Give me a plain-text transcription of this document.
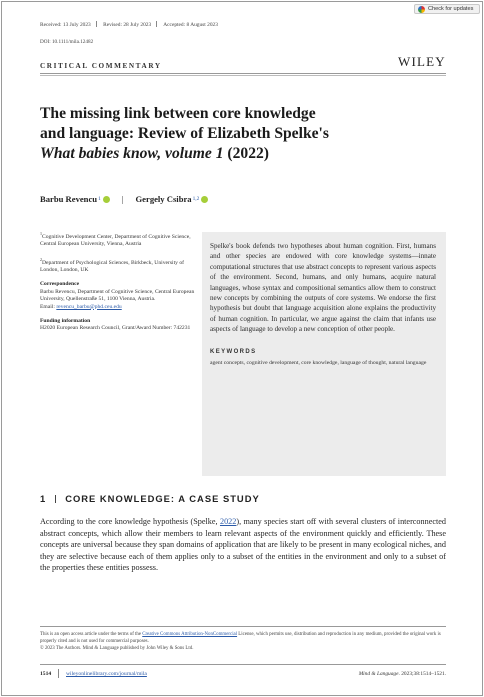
Received: 13 July 2023 Revised: 28 July 2023 Accepted: 8 August 2023
Check for updates
DOI: 10.1111/mila.12482
WILEY
CRITICAL COMMENTARY
The missing link between core knowledge
and language: Review of Elizabeth Spelke's
What babies know, volume 1 (2022)
Barbu Revencu 1 | Gergely Csibra 1,2

$^1$Cognitive Development Center, Department of Cognitive Science, Central European University, Vienna, Austria

$^2$Department of Psychological Sciences, Birkbeck, University of London, London, UK

Correspondence

Barbu Revencu, Department of Cognitive Science, Central European University, Quellenstraße 51, 1100 Vienna, Austria.
Email: revencu_barbu@phd.ceu.edu

Funding information

H2020 European Research Council, Grant/Award Number: 742231

Spelke's book defends two hypotheses about human cognition. First, humans and other species are endowed with core knowledge systems—innate computational structures that use abstract concepts to represent various aspects of the environment. Second, humans, and only humans, acquire natural languages, whose syntax and compositional semantics allow them to construct new concepts by combining the outputs of core systems. We endorse the first hypothesis but doubt that language acquisition alone explains the productivity of human cognition. In particular, we argue against the claim that infants use aspects of language to develop a new conception of other people.

KEYWORDS
agent concepts, cognitive development, core knowledge, language of thought, natural language
1 CORE KNOWLEDGE: A CASE STUDY

According to the core knowledge hypothesis (Spelke, 2022), many species start off with several clusters of interconnected abstract concepts, which allow their members to learn relevant aspects of the environment quickly and efficiently. These concepts are universal because they span domains of application that are likely to be present in many ecological niches, and they are selective because each of them applies only to a subset of the entities in the environment and only to a subset of the properties these entities possess.

This is an open access article under the terms of the Creative Commons Attribution-NonCommercial License, which permits use, distribution and reproduction in any medium, provided the original work is properly cited and is not used for commercial purposes.

© 2023 The Authors. Mind & Language published by John Wiley & Sons Ltd.

1514	wileyonlinelibrary.com/journal/mila	Mind & Language. 2023;38:1514–1521.
